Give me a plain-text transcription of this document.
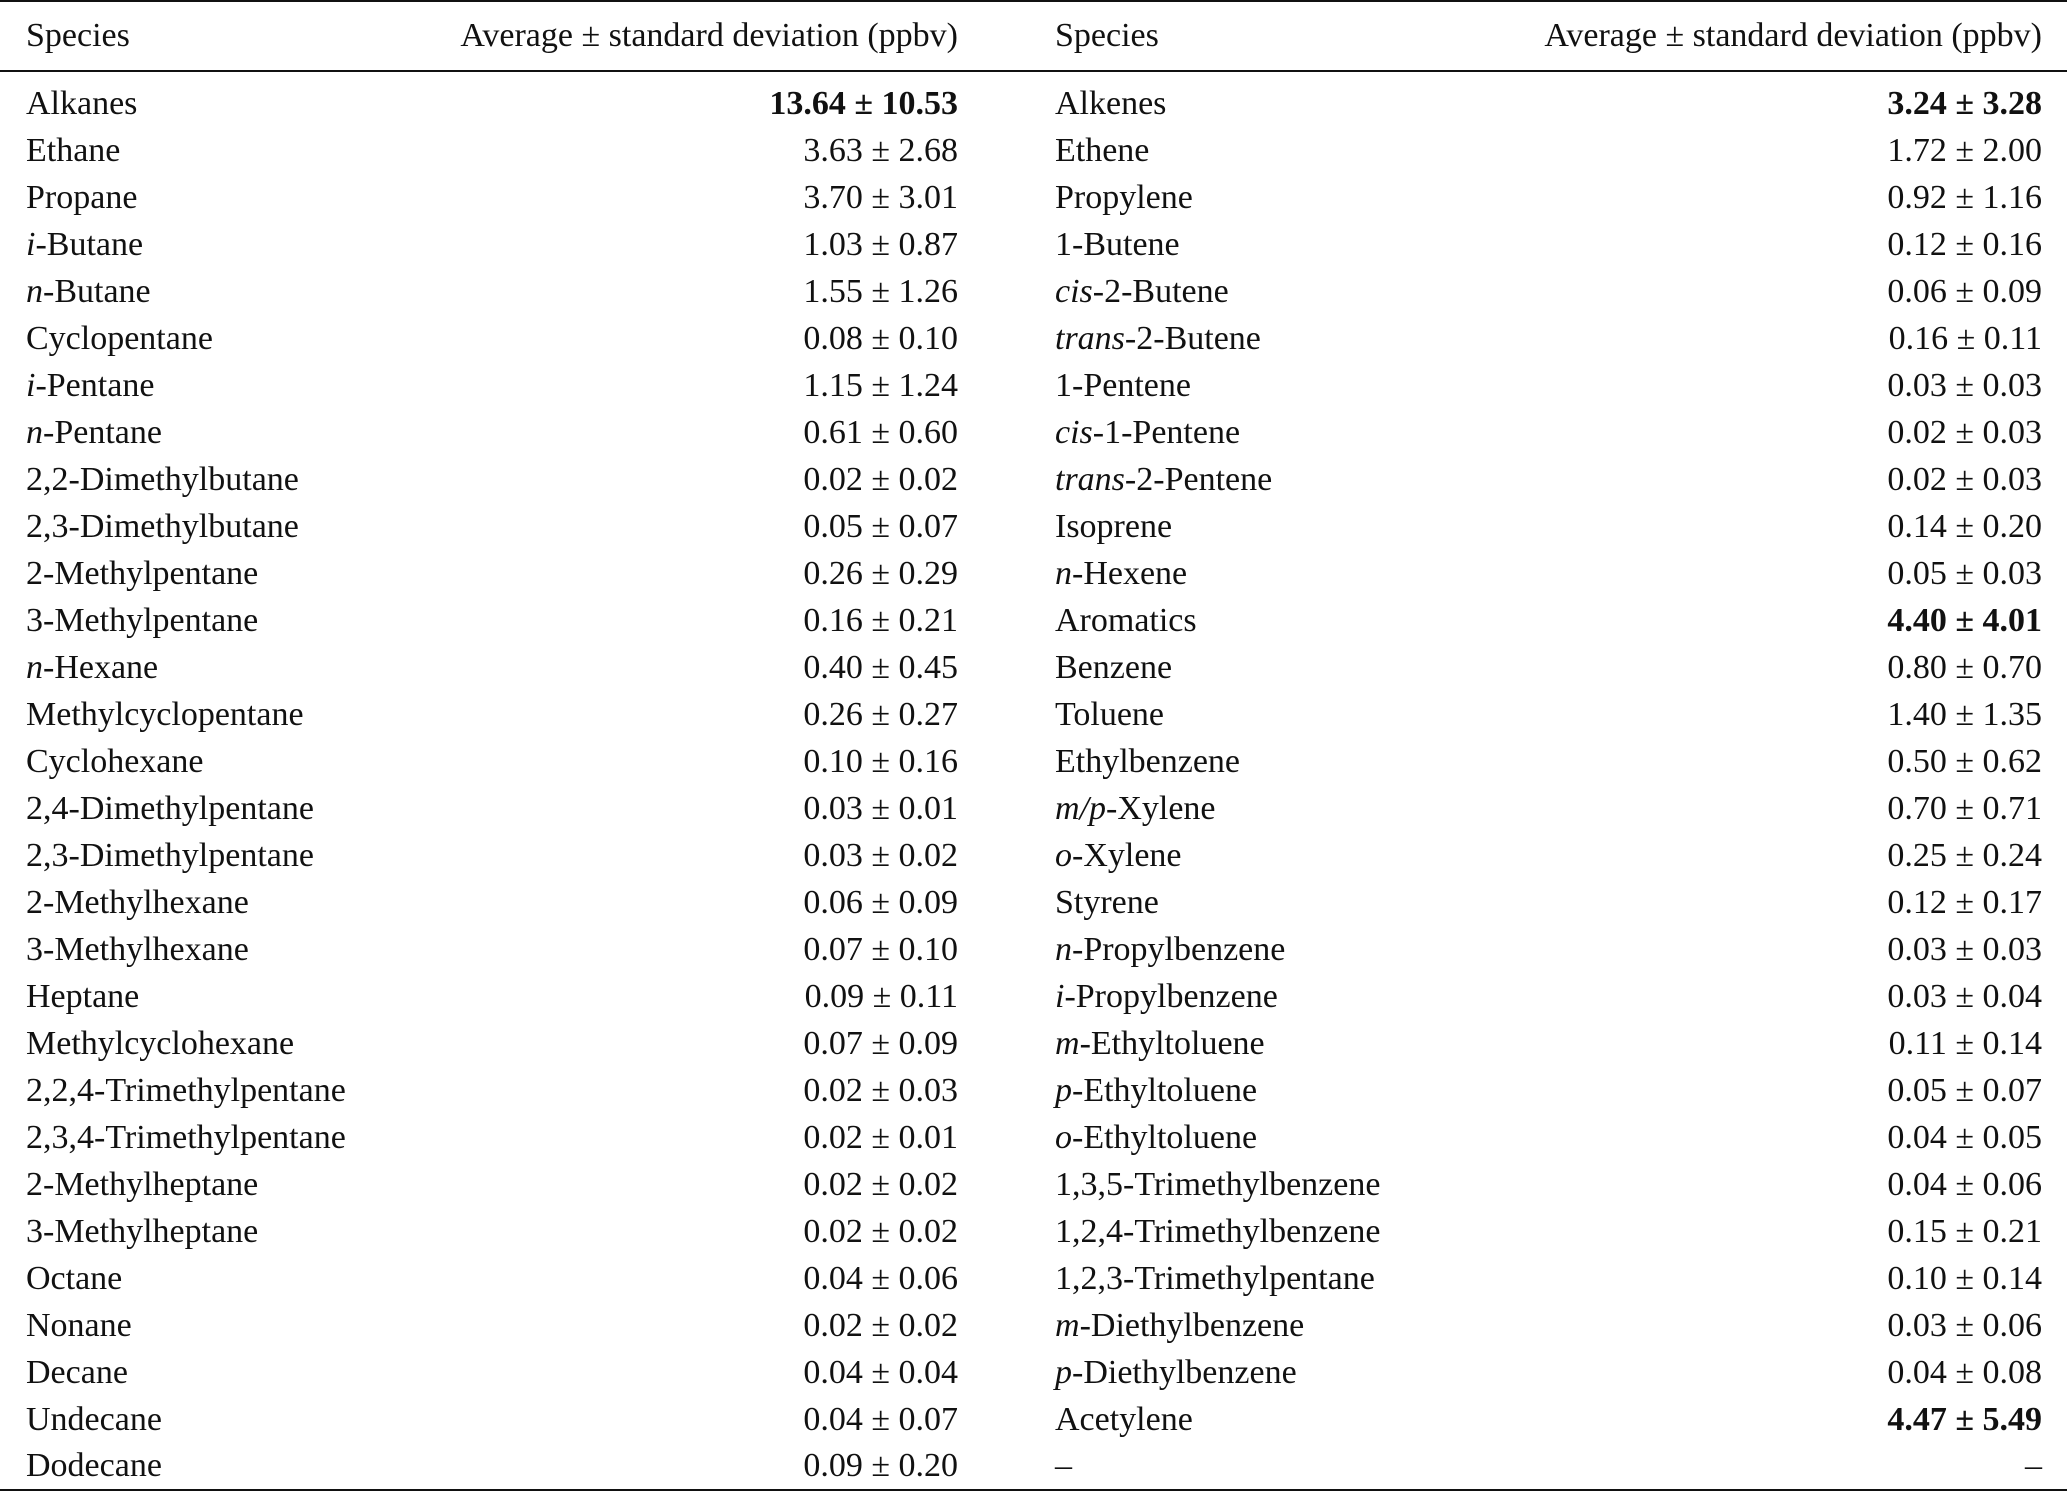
Species	Average ± standard deviation (ppbv)	Species	Average ± standard deviation (ppbv)
Alkanes	13.64 ± 10.53	Alkenes	3.24 ± 3.28
Ethane	3.63 ± 2.68	Ethene	1.72 ± 2.00
Propane	3.70 ± 3.01	Propylene	0.92 ± 1.16
i-Butane	1.03 ± 0.87	1-Butene	0.12 ± 0.16
n-Butane	1.55 ± 1.26	cis-2-Butene	0.06 ± 0.09
Cyclopentane	0.08 ± 0.10	trans-2-Butene	0.16 ± 0.11
i-Pentane	1.15 ± 1.24	1-Pentene	0.03 ± 0.03
n-Pentane	0.61 ± 0.60	cis-1-Pentene	0.02 ± 0.03
2,2-Dimethylbutane	0.02 ± 0.02	trans-2-Pentene	0.02 ± 0.03
2,3-Dimethylbutane	0.05 ± 0.07	Isoprene	0.14 ± 0.20
2-Methylpentane	0.26 ± 0.29	n-Hexene	0.05 ± 0.03
3-Methylpentane	0.16 ± 0.21	Aromatics	4.40 ± 4.01
n-Hexane	0.40 ± 0.45	Benzene	0.80 ± 0.70
Methylcyclopentane	0.26 ± 0.27	Toluene	1.40 ± 1.35
Cyclohexane	0.10 ± 0.16	Ethylbenzene	0.50 ± 0.62
2,4-Dimethylpentane	0.03 ± 0.01	m/p-Xylene	0.70 ± 0.71
2,3-Dimethylpentane	0.03 ± 0.02	o-Xylene	0.25 ± 0.24
2-Methylhexane	0.06 ± 0.09	Styrene	0.12 ± 0.17
3-Methylhexane	0.07 ± 0.10	n-Propylbenzene	0.03 ± 0.03
Heptane	0.09 ± 0.11	i-Propylbenzene	0.03 ± 0.04
Methylcyclohexane	0.07 ± 0.09	m-Ethyltoluene	0.11 ± 0.14
2,2,4-Trimethylpentane	0.02 ± 0.03	p-Ethyltoluene	0.05 ± 0.07
2,3,4-Trimethylpentane	0.02 ± 0.01	o-Ethyltoluene	0.04 ± 0.05
2-Methylheptane	0.02 ± 0.02	1,3,5-Trimethylbenzene	0.04 ± 0.06
3-Methylheptane	0.02 ± 0.02	1,2,4-Trimethylbenzene	0.15 ± 0.21
Octane	0.04 ± 0.06	1,2,3-Trimethylpentane	0.10 ± 0.14
Nonane	0.02 ± 0.02	m-Diethylbenzene	0.03 ± 0.06
Decane	0.04 ± 0.04	p-Diethylbenzene	0.04 ± 0.08
Undecane	0.04 ± 0.07	Acetylene	4.47 ± 5.49
Dodecane	0.09 ± 0.20	–	–
